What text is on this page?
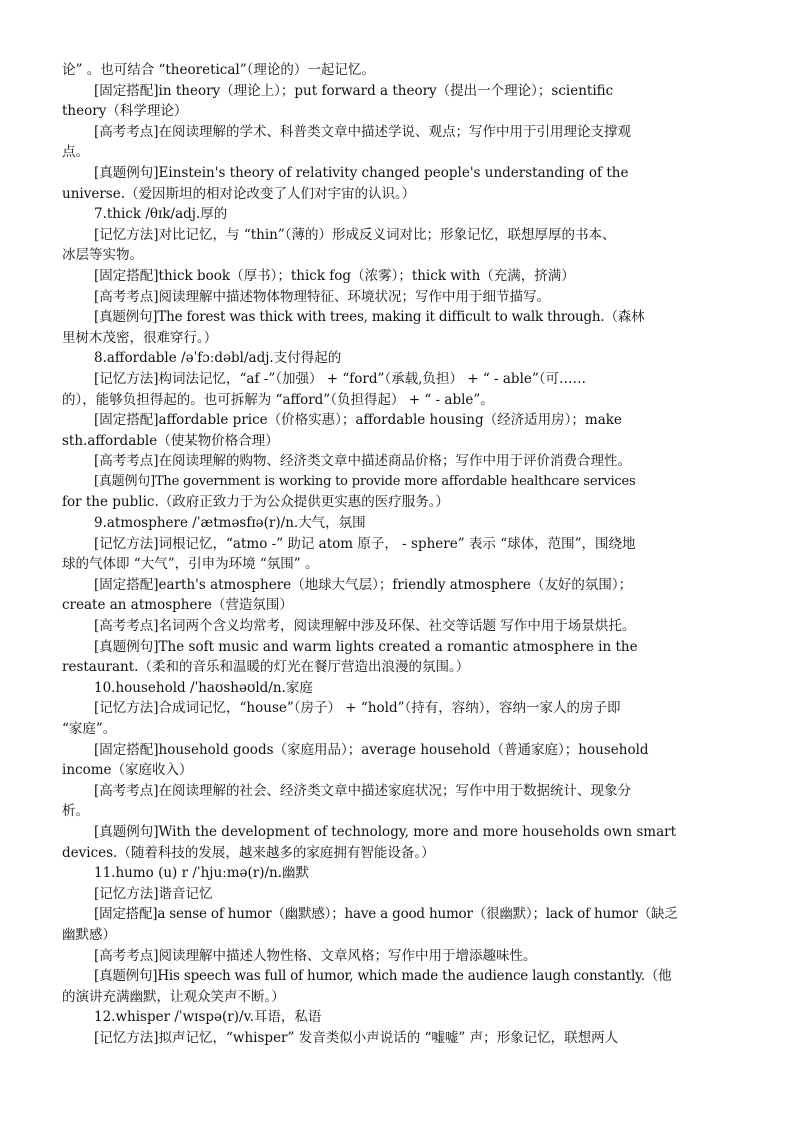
论” 。也可结合 “theoretical”（理论的）一起记忆。
[固定搭配]in theory（理论上）；put forward a theory（提出一个理论）；scientific
theory（科学理论）
[高考考点]在阅读理解的学术、科普类文章中描述学说、观点；写作中用于引用理论支撑观
点。
[真题例句]Einstein's theory of relativity changed people's understanding of the
universe.（爱因斯坦的相对论改变了人们对宇宙的认识。）
7.thick /θɪk/adj.厚的
[记忆方法]对比记忆，与 “thin”（薄的）形成反义词对比；形象记忆，联想厚厚的书本、
冰层等实物。
[固定搭配]thick book（厚书）；thick fog（浓雾）；thick with（充满，挤满）
[高考考点]阅读理解中描述物体物理特征、环境状况；写作中用于细节描写。
[真题例句]The forest was thick with trees, making it difficult to walk through.（森林
里树木茂密，很难穿行。）
8.affordable /əˈfɔːdəbl/adj.支付得起的
[记忆方法]构词法记忆，“af -”（加强） + “ford”（承载,负担） + “ - able”（可……
的），能够负担得起的。也可拆解为 “afford”（负担得起） + “ - able”。
[固定搭配]affordable price（价格实惠）；affordable housing（经济适用房）；make
sth.affordable（使某物价格合理）
[高考考点]在阅读理解的购物、经济类文章中描述商品价格；写作中用于评价消费合理性。
[真题例句]The government is working to provide more affordable healthcare services
for the public.（政府正致力于为公众提供更实惠的医疗服务。）
9.atmosphere /ˈætməsfɪə(r)/n.大气，氛围
[记忆方法]词根记忆，“atmo -” 助记 atom 原子， - sphere” 表示 “球体，范围”，围绕地
球的气体即 “大气”，引申为环境 “氛围” 。
[固定搭配]earth's atmosphere（地球大气层）；friendly atmosphere（友好的氛围）；
create an atmosphere（营造氛围）
[高考考点]名词两个含义均常考，阅读理解中涉及环保、社交等话题 写作中用于场景烘托。
[真题例句]The soft music and warm lights created a romantic atmosphere in the
restaurant.（柔和的音乐和温暖的灯光在餐厅营造出浪漫的氛围。）
10.household /ˈhaʊshəʊld/n.家庭
[记忆方法]合成词记忆，“house”（房子） + “hold”（持有，容纳），容纳一家人的房子即
“家庭”。
[固定搭配]household goods（家庭用品）；average household（普通家庭）；household
income（家庭收入）
[高考考点]在阅读理解的社会、经济类文章中描述家庭状况；写作中用于数据统计、现象分
析。
[真题例句]With the development of technology, more and more households own smart
devices.（随着科技的发展，越来越多的家庭拥有智能设备。）
11.humo (u) r /ˈhjuːmə(r)/n.幽默
[记忆方法]谐音记忆
[固定搭配]a sense of humor（幽默感）；have a good humor（很幽默）；lack of humor（缺乏
幽默感）
[高考考点]阅读理解中描述人物性格、文章风格；写作中用于增添趣味性。
[真题例句]His speech was full of humor, which made the audience laugh constantly.（他
的演讲充满幽默，让观众笑声不断。）
12.whisper /ˈwɪspə(r)/v.耳语，私语
[记忆方法]拟声记忆，“whisper” 发音类似小声说话的 “嘘嘘” 声；形象记忆，联想两人
